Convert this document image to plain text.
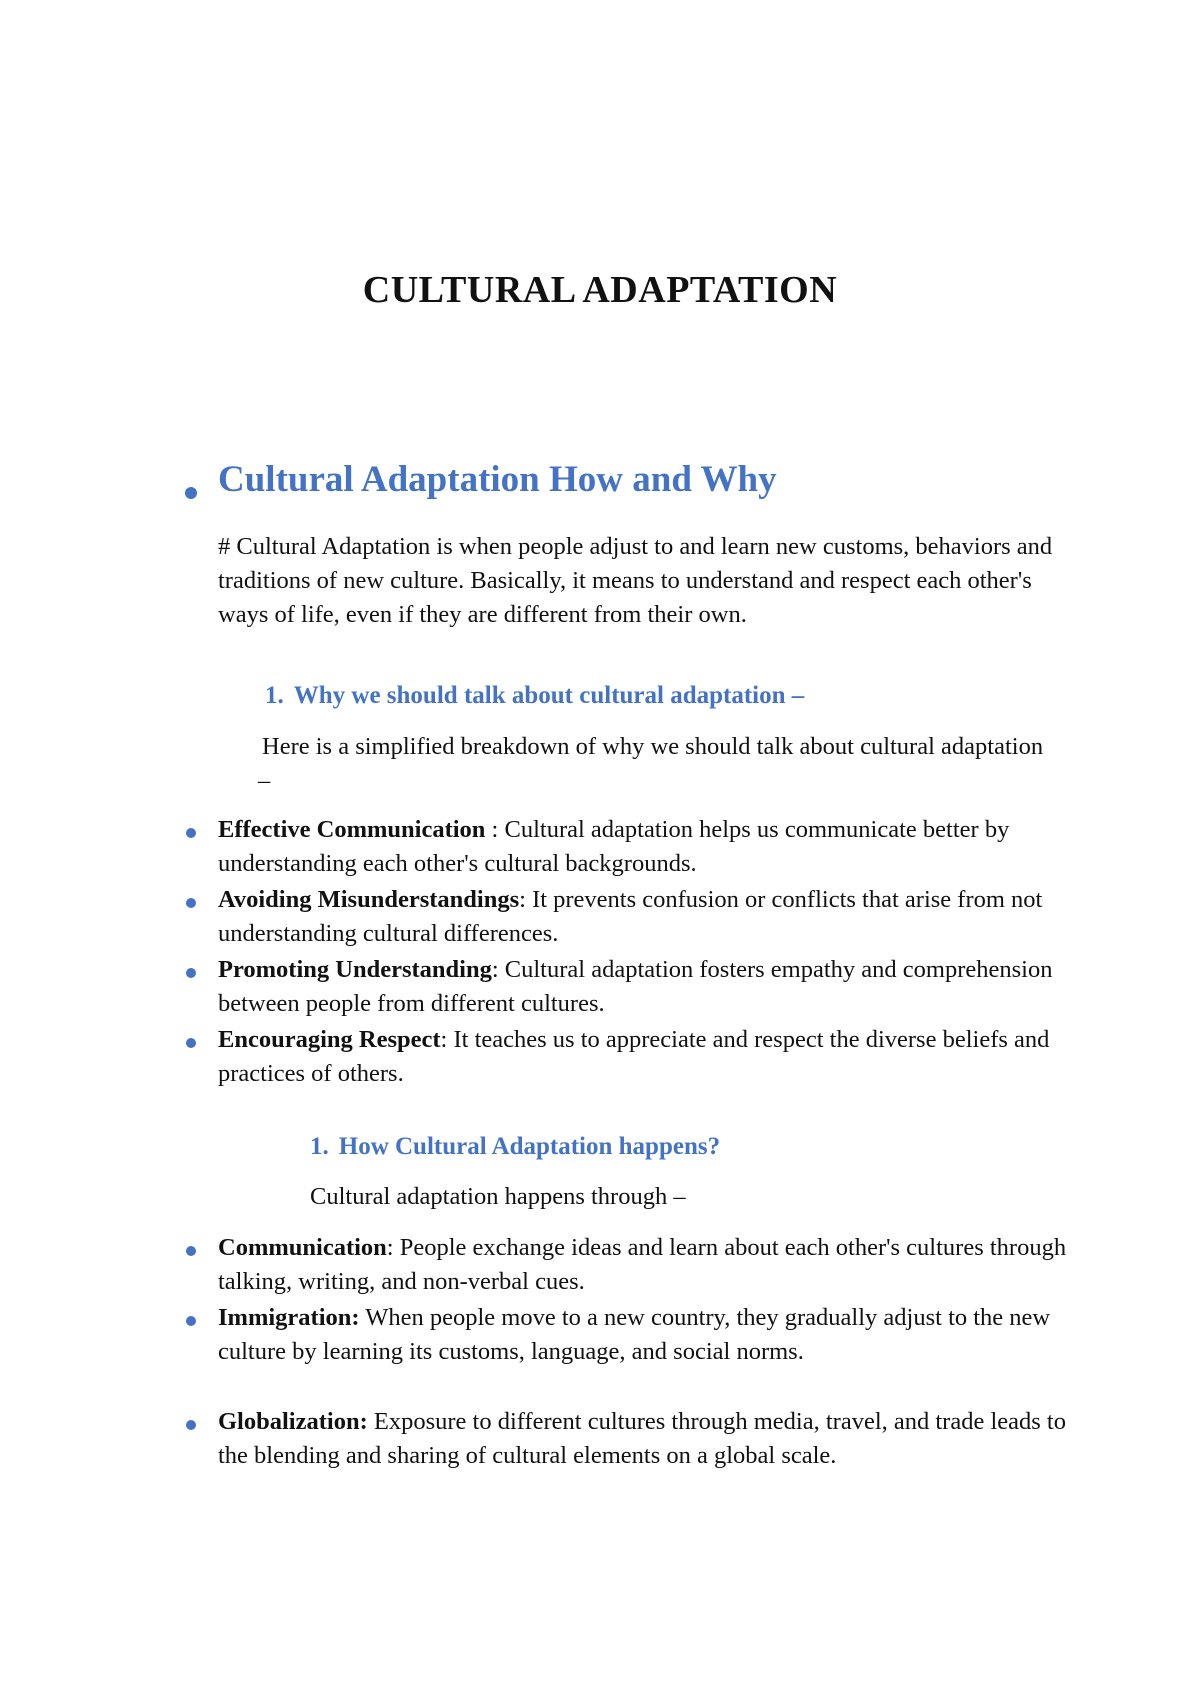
CULTURAL ADAPTATION
Cultural Adaptation How and Why

# Cultural Adaptation is when people adjust to and learn new customs, behaviors and traditions of new culture. Basically, it means to understand and respect each other's ways of life, even if they are different from their own.

1. Why we should talk about cultural adaptation –

Here is a simplified breakdown of why we should talk about cultural adaptation –

Effective Communication : Cultural adaptation helps us communicate better by understanding each other's cultural backgrounds.

Avoiding Misunderstandings: It prevents confusion or conflicts that arise from not understanding cultural differences.

Promoting Understanding: Cultural adaptation fosters empathy and comprehension between people from different cultures.

Encouraging Respect: It teaches us to appreciate and respect the diverse beliefs and practices of others.

1. How Cultural Adaptation happens?

Cultural adaptation happens through –

Communication: People exchange ideas and learn about each other's cultures through talking, writing, and non-verbal cues.

Immigration: When people move to a new country, they gradually adjust to the new culture by learning its customs, language, and social norms.

Globalization: Exposure to different cultures through media, travel, and trade leads to the blending and sharing of cultural elements on a global scale.
